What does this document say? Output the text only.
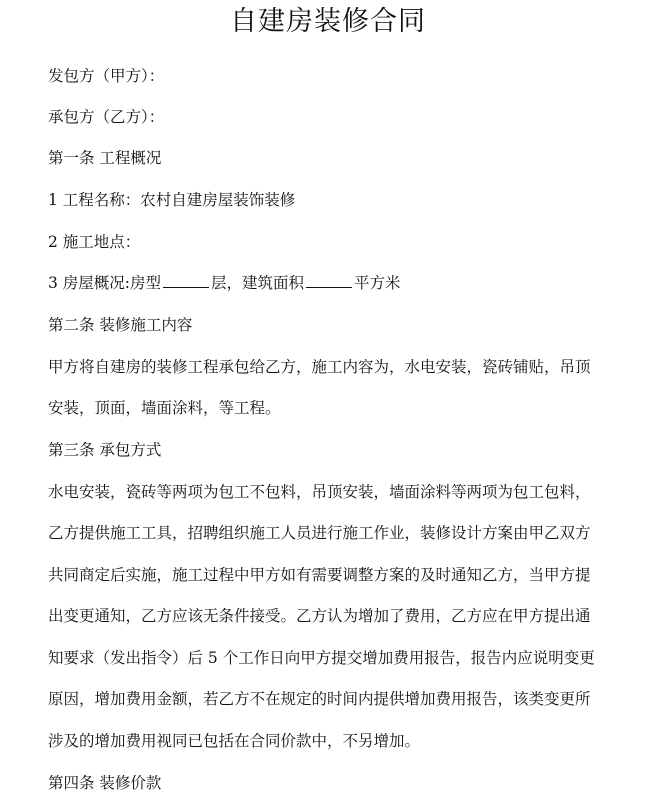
自建房装修合同

发包方（甲方）：

承包方（乙方）：

第一条 工程概况

1 工程名称：农村自建房屋装饰装修

2 施工地点：

3 房屋概况:房型	层，建筑面积	平方米

第二条 装修施工内容

甲方将自建房的装修工程承包给乙方，施工内容为，水电安装，瓷砖铺贴，吊顶

安装，顶面，墙面涂料，等工程。

第三条 承包方式

水电安装，瓷砖等两项为包工不包料，吊顶安装，墙面涂料等两项为包工包料，

乙方提供施工工具，招聘组织施工人员进行施工作业，装修设计方案由甲乙双方

共同商定后实施，施工过程中甲方如有需要调整方案的及时通知乙方，当甲方提

出变更通知，乙方应该无条件接受。乙方认为增加了费用，乙方应在甲方提出通

知要求（发出指令）后 5 个工作日向甲方提交增加费用报告，报告内应说明变更

原因，增加费用金额，若乙方不在规定的时间内提供增加费用报告，该类变更所

涉及的增加费用视同已包括在合同价款中，不另增加。

第四条 装修价款
